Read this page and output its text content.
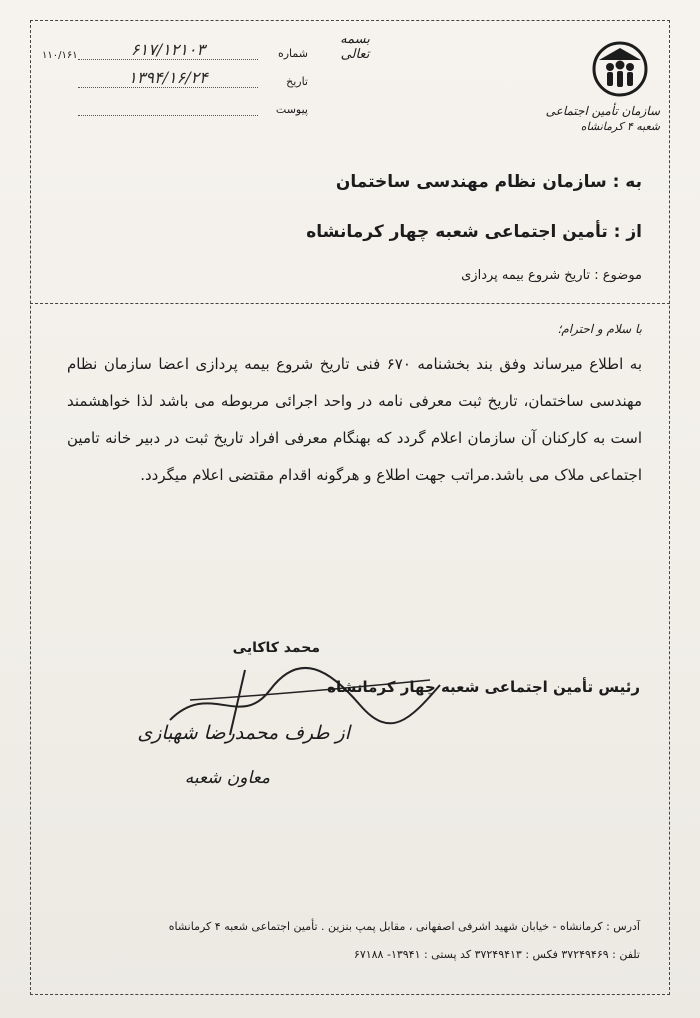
بسمه تعالی
سازمان تأمین اجتماعی
شعبه ۴ کرمانشاه
۱۱۰/۱۶۱	شماره
۶۱۷/۱۲۱۰۳
تاریخ
۱۳۹۴/۱۶/۲۴
پیوست
به : سازمان نظام مهندسی ساختمان
از : تأمین اجتماعی شعبه چهار کرمانشاه
موضوع : تاریخ شروع بیمه پردازی
با سلام و احترام؛
به اطلاع میرساند وفق بند بخشنامه ۶۷۰ فنی تاریخ شروع بیمه پردازی اعضا سازمان نظام مهندسی ساختمان، تاریخ ثبت معرفی نامه در واحد اجرائی مربوطه می باشد لذا خواهشمند است به کارکنان آن سازمان اعلام گردد که بهنگام معرفی افراد تاریخ ثبت در دبیر خانه تامین اجتماعی ملاک می باشد.مراتب جهت اطلاع و هرگونه اقدام مقتضی اعلام میگردد.
محمد کاکایی
رئیس تأمین اجتماعی شعبه چهار کرمانشاه
از طرف محمدرضا شهبازی
معاون شعبه
آدرس : کرمانشاه - خیابان شهید اشرفی اصفهانی ، مقابل پمپ بنزین . تأمین اجتماعی شعبه ۴ کرمانشاه
تلفن : ۳۷۲۴۹۴۶۹ فکس : ۳۷۲۴۹۴۱۳ کد پستی : ۱۳۹۴۱- ۶۷۱۸۸
